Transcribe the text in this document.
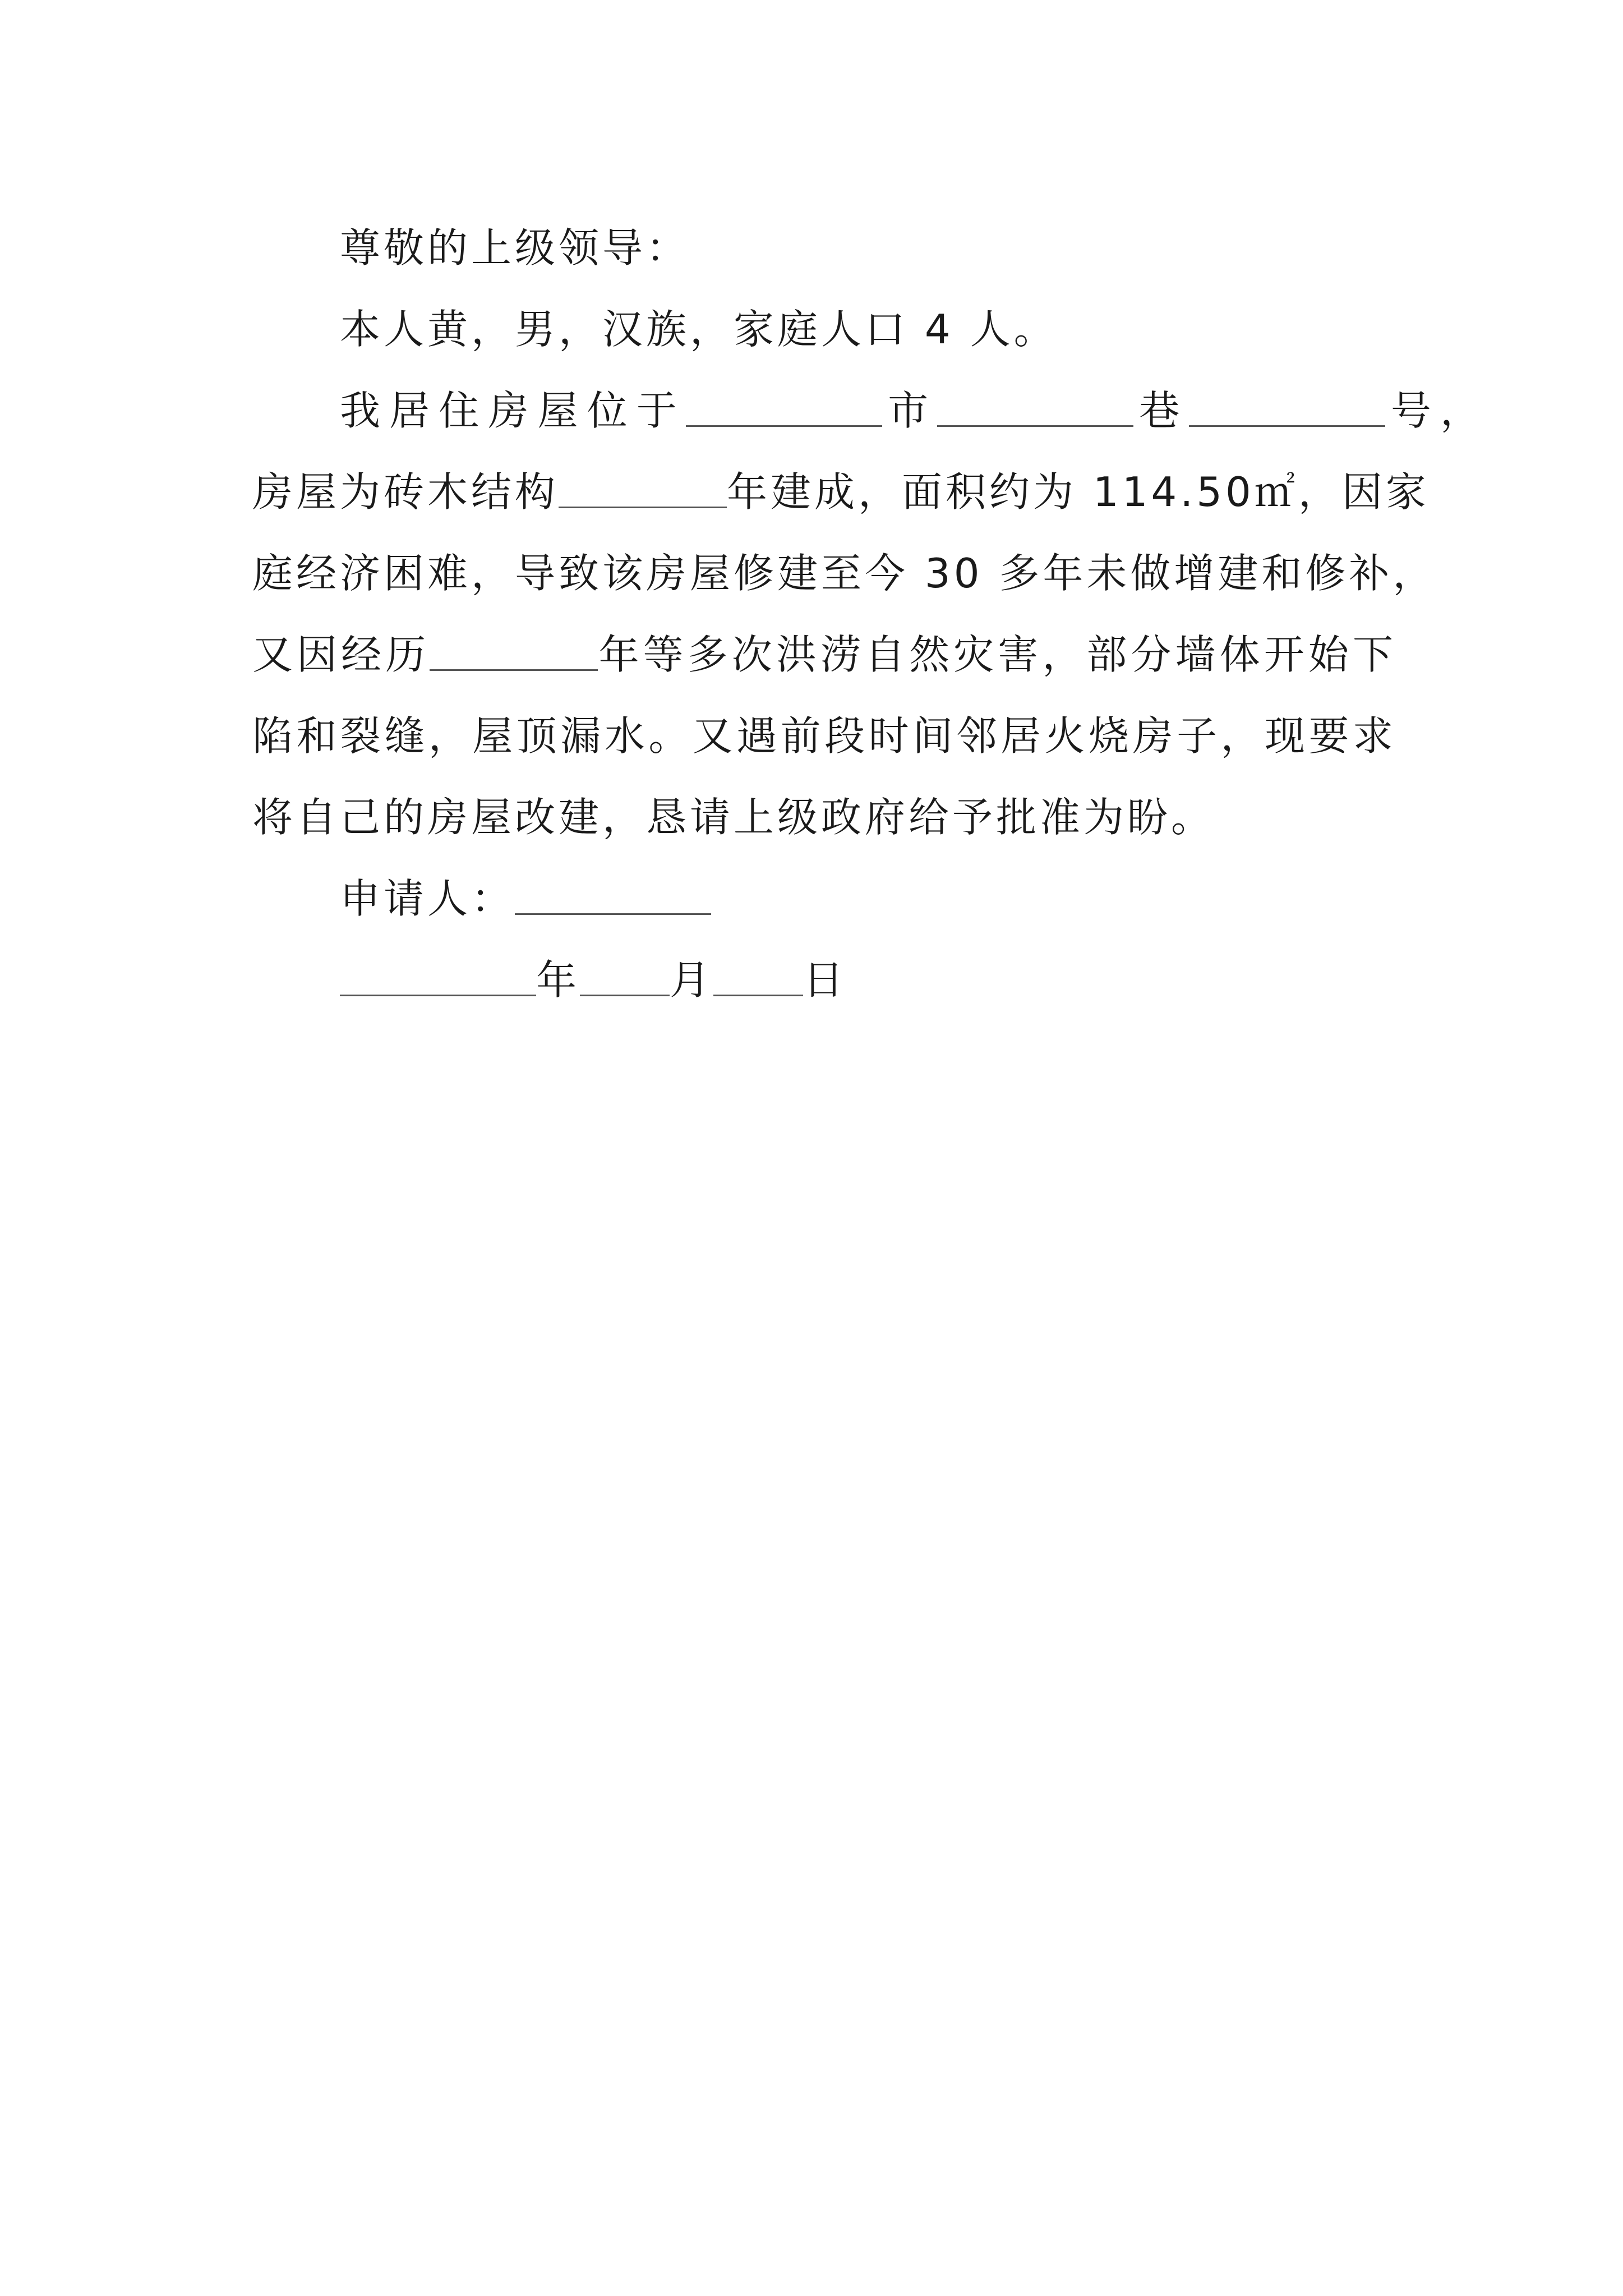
尊敬的上级领导：
本人黄，男，汉族，家庭人口 4 人。
我居住房屋位于	市	巷	号，
房屋为砖木结构	年建成，面积约为 114.50㎡，因家
庭经济困难，导致该房屋修建至今 30 多年未做增建和修补，
又因经历	年等多次洪涝自然灾害，部分墙体开始下
陷和裂缝，屋顶漏水。又遇前段时间邻居火烧房子，现要求
将自己的房屋改建，恳请上级政府给予批准为盼。
申请人：
年 月 日
